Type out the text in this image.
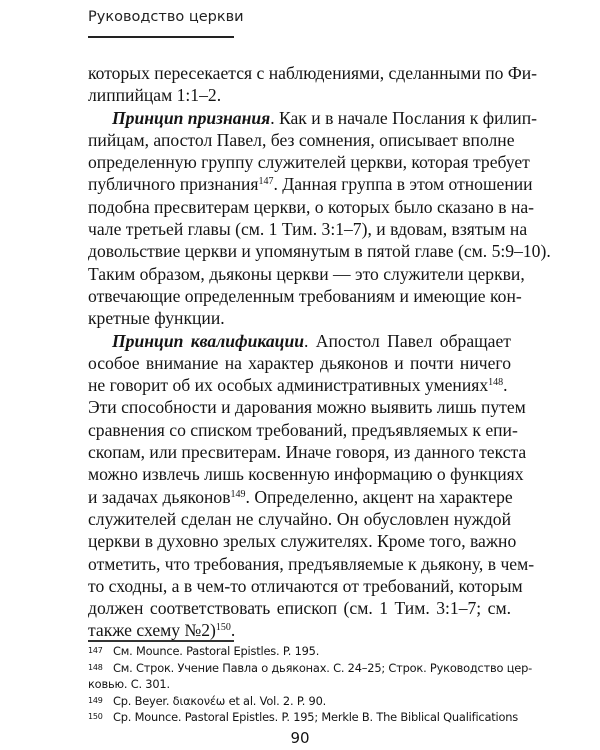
Руководство церкви
которых пересекается с наблюдениями, сделанными по Фи-
липпийцам 1:1–2.
Принцип признания. Как и в начале Послания к филип-
пийцам, апостол Павел, без сомнения, описывает вполне
определенную группу служителей церкви, которая требует
публичного признания$^{147}$. Данная группа в этом отношении
подобна пресвитерам церкви, о которых было сказано в на-
чале третьей главы (см. 1 Тим. 3:1–7), и вдовам, взятым на
довольствие церкви и упомянутым в пятой главе (см. 5:9–10).
Таким образом, дьяконы церкви — это служители церкви,
отвечающие определенным требованиям и имеющие кон-
кретные функции.
Принцип квалификации. Апостол Павел обращает
особое внимание на характер дьяконов и почти ничего
не говорит об их особых административных умениях$^{148}$.
Эти способности и дарования можно выявить лишь путем
сравнения со списком требований, предъявляемых к епи-
скопам, или пресвитерам. Иначе говоря, из данного текста
можно извлечь лишь косвенную информацию о функциях
и задачах дьяконов$^{149}$. Определенно, акцент на характере
служителей сделан не случайно. Он обусловлен нуждой
церкви в духовно зрелых служителях. Кроме того, важно
отметить, что требования, предъявляемые к дьякону, в чем-
то сходны, а в чем-то отличаются от требований, которым
должен соответствовать епископ (см. 1 Тим. 3:1–7; см.
также схему №2)$^{150}$.
147 См. Mounce. Pastoral Epistles. P. 195.
148 См. Строк. Учение Павла о дьяконах. С. 24–25; Строк. Руководство цер-
ковью. С. 301.
149 Ср. Beyer. διακονέω et al. Vol. 2. P. 90.
150 Ср. Mounce. Pastoral Epistles. P. 195; Merkle B. The Biblical Qualifications
90
